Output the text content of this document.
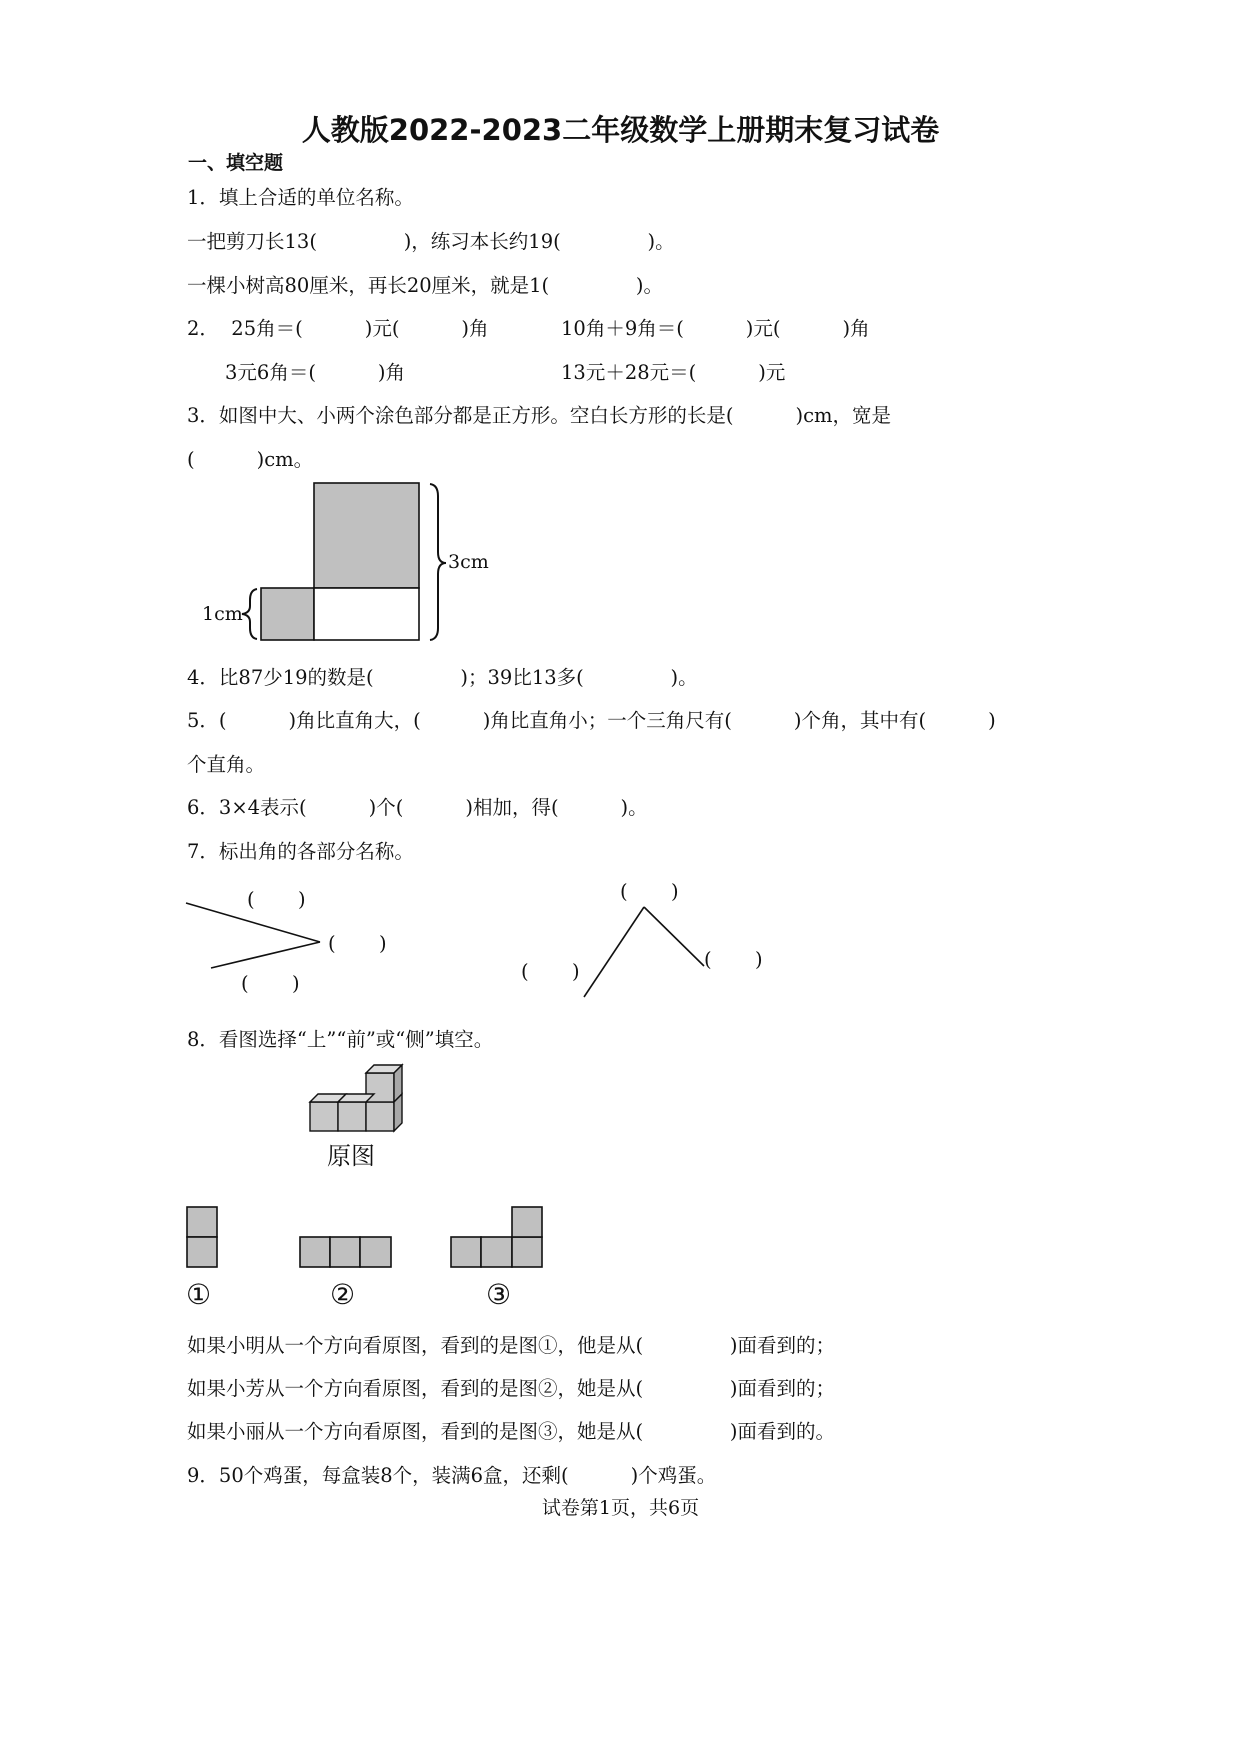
人教版2022-2023二年级数学上册期末复习试卷
一、填空题
1．填上合适的单位名称。
一把剪刀长13(              )，练习本长约19(              )。
一棵小树高80厘米，再长20厘米，就是1(              )。
2．  25角＝(          )元(          )角	10角＋9角＝(          )元(          )角
3元6角＝(          )角	13元＋28元＝(          )元
3．如图中大、小两个涂色部分都是正方形。空白长方形的长是(          )cm，宽是
(          )cm。
3cm
1cm
4．比87少19的数是(              )；39比13多(              )。
5．(          )角比直角大，(          )角比直角小；一个三角尺有(          )个角，其中有(          )
个直角。
6．3×4表示(          )个(          )相加，得(          )。
7．标出角的各部分名称。
(       )
(       )
(       )
(       )
(       )
(       )
8．看图选择“上”“前”或“侧”填空。
原图
①	②	③
如果小明从一个方向看原图，看到的是图①，他是从(              )面看到的；
如果小芳从一个方向看原图，看到的是图②，她是从(              )面看到的；
如果小丽从一个方向看原图，看到的是图③，她是从(              )面看到的。
9．50个鸡蛋，每盒装8个，装满6盒，还剩(          )个鸡蛋。
试卷第1页，共6页
